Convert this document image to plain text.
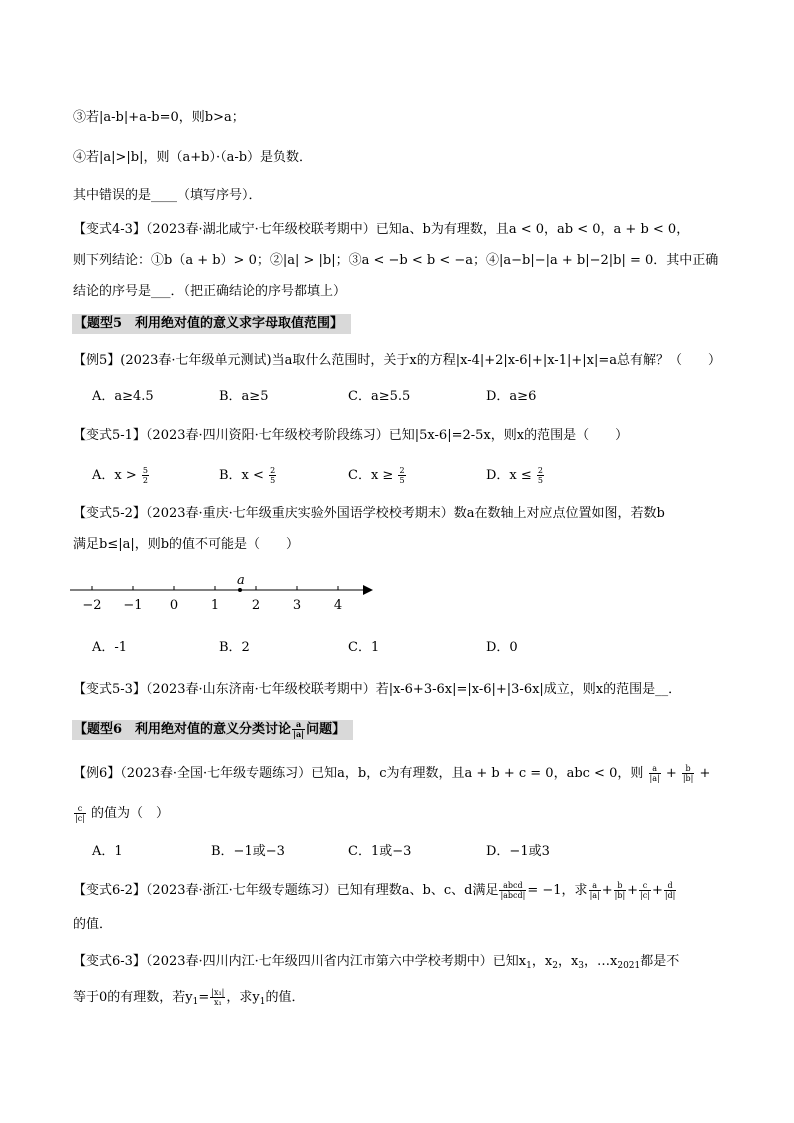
③若|a-b|+a-b=0，则b>a；
④若|a|>|b|，则（a+b）·（a-b）是负数．
其中错误的是____（填写序号）．
【变式4-3】（2023春·湖北咸宁·七年级校联考期中）已知a、b为有理数，且a < 0，ab < 0，a + b < 0，
则下列结论：①b（a + b）> 0；②|a| > |b|；③a < −b < b < −a；④|a−b|−|a + b|−2|b| = 0．其中正确
结论的序号是___．（把正确结论的序号都填上）
【题型5　利用绝对值的意义求字母取值范围】
【例5】(2023春·七年级单元测试)当a取什么范围时，关于x的方程|x-4|+2|x-6|+|x-1|+|x|=a总有解？（　　）
A．a≥4.5	B．a≥5	C．a≥5.5	D．a≥6
【变式5-1】（2023春·四川资阳·七年级校考阶段练习）已知|5x-6|=2-5x，则x的范围是（　　）
A．$x > \frac{5}{2}$	B．$x < \frac{2}{5}$	C．$x \ge \frac{2}{5}$	D．$x \le \frac{2}{5}$
【变式5-2】（2023春·重庆·七年级重庆实验外国语学校校考期末）数a在数轴上对应点位置如图，若数b
满足b≤|a|，则b的值不可能是（　　）
−2 −1 0	1	2	3	4
a
A．-1	B．2	C．1	D．0
【变式5-3】（2023春·山东济南·七年级校联考期中）若|x-6+3-6x|=|x-6|+|3-6x|成立，则x的范围是__．
【题型6　利用绝对值的意义分类讨论 $\frac{a}{|a|}$ 问题】
【例6】（2023春·全国·七年级专题练习）已知a，b，c为有理数，且a + b + c = 0，abc < 0，则 $\frac{a}{|a|} + \frac{b}{|b|}$ +
$\frac{c}{|c|}$ 的值为（　）
A．1	B．−1或−3	C．1或−3	D．−1或3
【变式6-2】（2023春·浙江·七年级专题练习）已知有理数a、b、c、d满足 $\frac{\text{abcd}}{\text{|abcd|}} = -1$，求 $\frac{a}{|a|} + \frac{b}{|b|} + \frac{c}{|c|} + \frac{d}{|d|}$
的值．
【变式6-3】（2023春·四川内江·七年级四川省内江市第六中学校考期中）已知$x_1$，$x_2$，$x_3$，$\dots x_{2021}$都是不
等于0的有理数，若$y_1= \frac{\text{|x₁|}}{\text{x₁}}$ ，求$y_1$的值．
